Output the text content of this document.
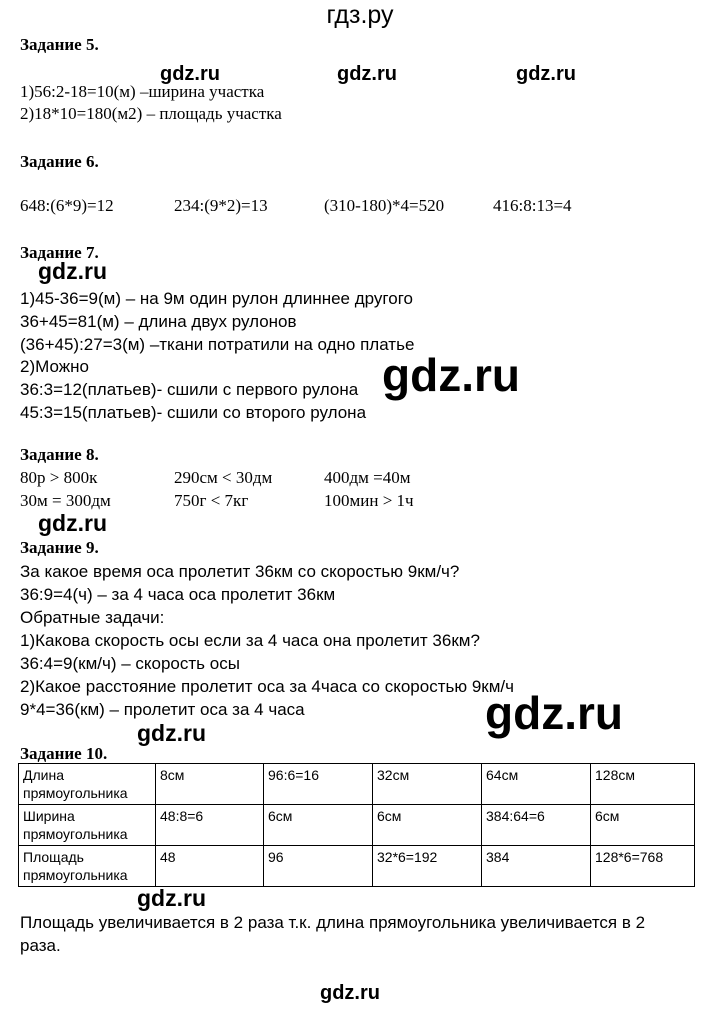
гдз.ру
Задание 5.
gdz.ru	gdz.ru	gdz.ru
1)56:2-18=10(м) –ширина участка
2)18*10=180(м2) – площадь участка
Задание 6.
648:(6*9)=12	234:(9*2)=13	(310-180)*4=520	416:8:13=4
Задание 7.
gdz.ru
1)45-36=9(м) – на 9м один рулон длиннее другого
36+45=81(м) – длина двух рулонов
(36+45):27=3(м) –ткани потратили на одно платье
2)Можно
36:3=12(платьев)- сшили с первого рулона
45:3=15(платьев)- сшили со второго рулона
gdz.ru
Задание 8.
80р > 800к	290см < 30дм	400дм =40м
30м = 300дм	750г < 7кг	100мин > 1ч
gdz.ru
Задание 9.
За какое время оса пролетит 36км со скоростью 9км/ч?
36:9=4(ч) – за 4 часа оса пролетит 36км
Обратные задачи:
1)Какова скорость осы если за 4 часа она пролетит 36км?
36:4=9(км/ч) – скорость осы
2)Какое расстояние пролетит оса за 4часа со скоростью 9км/ч
9*4=36(км) – пролетит оса за 4 часа	gdz.ru
gdz.ru
Задание 10.
Длина прямоугольника	8см	96:6=16	32см	64см	128см
Ширина прямоугольника	48:8=6	6см	6см	384:64=6	6см
Площадь прямоугольника	48	96	32*6=192	384	128*6=768
gdz.ru
Площадь увеличивается в 2 раза т.к. длина прямоугольника увеличивается в 2 раза.
gdz.ru
